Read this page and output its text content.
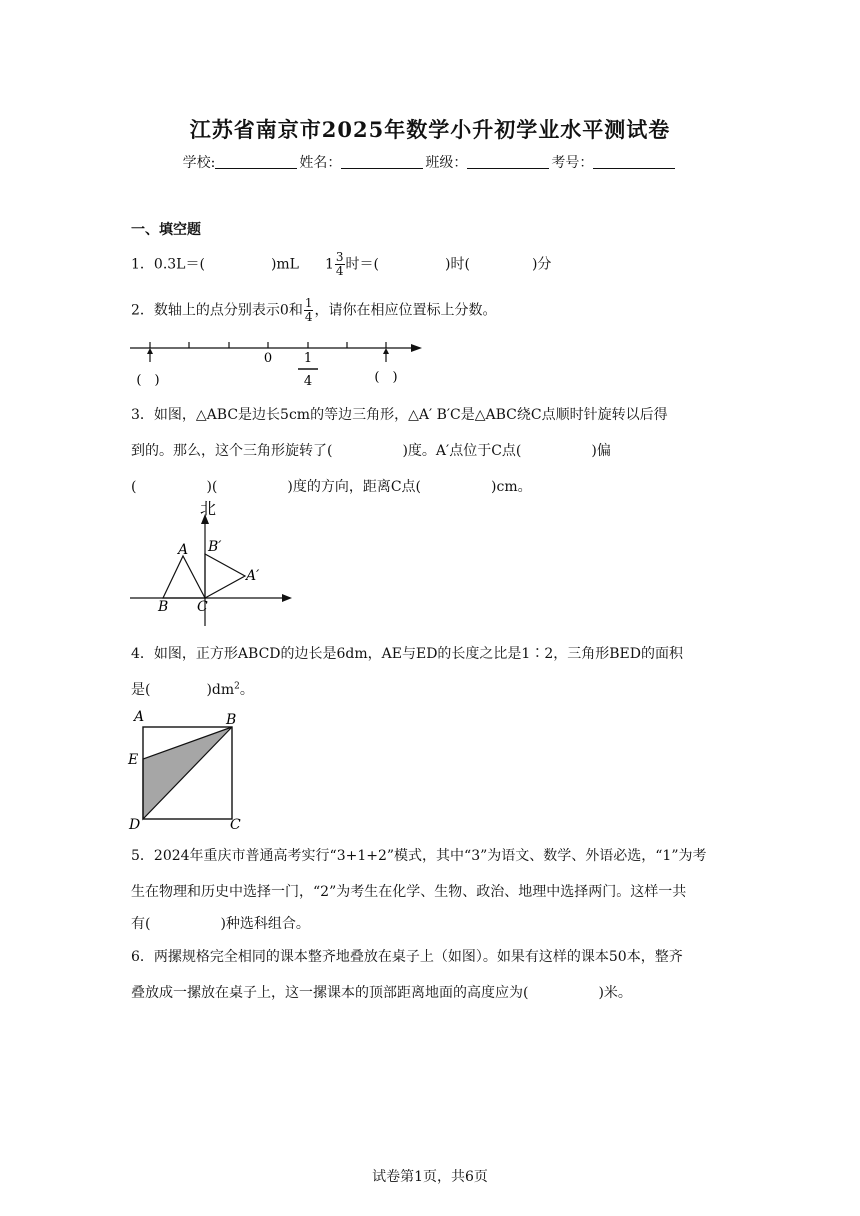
江苏省南京市2025年数学小升初学业水平测试卷
学校:	姓名：	班级：	考号：
一、填空题
1．0.3L＝(	)mL $1 \frac{3}{4}$ 时＝(	)时(	)分
2．数轴上的点分别表示0和 $\frac{1}{4}$ ，请你在相应位置标上分数。
0 1
4
(　)	(　)
3．如图，△ABC是边长5cm的等边三角形，△A′ B′C是△ABC绕C点顺时针旋转以后得
到的。那么，这个三角形旋转了(　　　　　)度。A′点位于C点(　　　　　)偏
(　　　　　)(　　　　　)度的方向，距离C点(　　　　　)cm。
北
A
B C
B′
A′
4．如图，正方形ABCD的边长是6dm，AE与ED的长度之比是1∶2，三角形BED的面积
是(　　　　)$dm^2$。
A	B
C
D
E
5．2024年重庆市普通高考实行“3+1+2”模式，其中“3”为语文、数学、外语必选，“1”为考
生在物理和历史中选择一门，“2”为考生在化学、生物、政治、地理中选择两门。这样一共
有(　　　　　)种选科组合。
6．两摞规格完全相同的课本整齐地叠放在桌子上（如图）。如果有这样的课本50本，整齐
叠放成一摞放在桌子上，这一摞课本的顶部距离地面的高度应为(　　　　　)米。
试卷第1页，共6页
